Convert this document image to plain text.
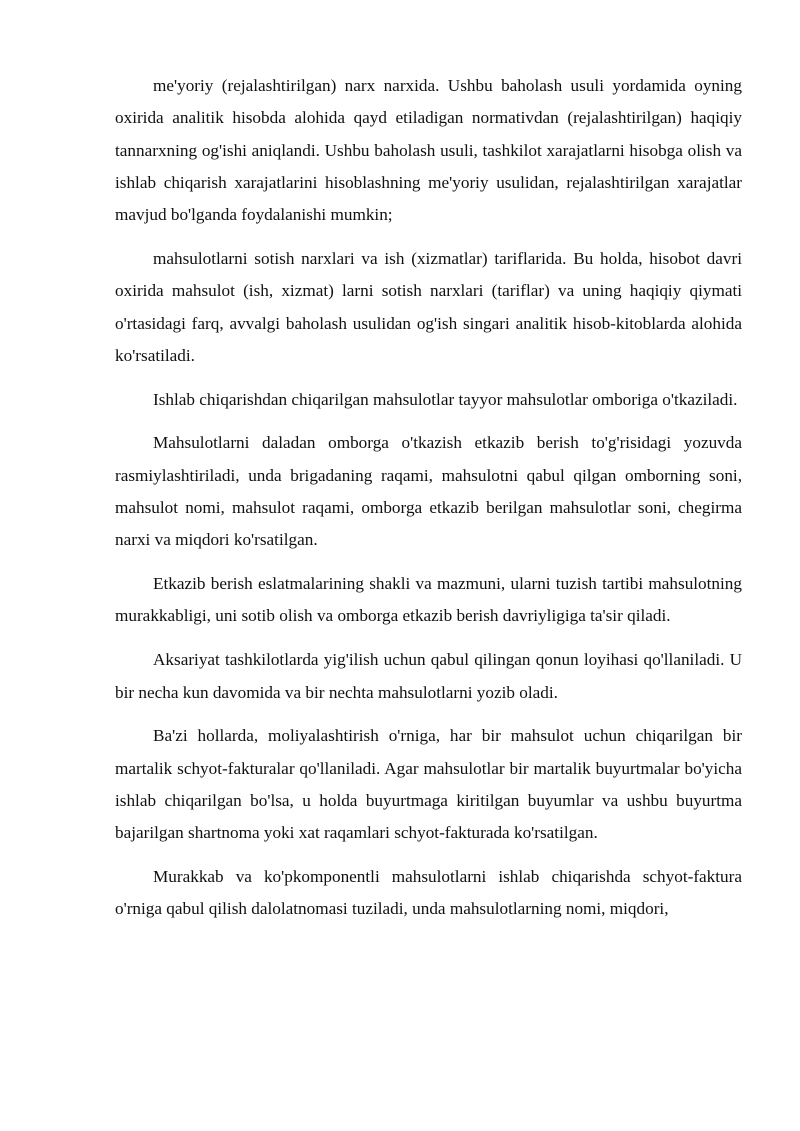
me'yoriy (rejalashtirilgan) narx narxida. Ushbu baholash usuli yordamida oyning oxirida analitik hisobda alohida qayd etiladigan normativdan (rejalashtirilgan) haqiqiy tannarxning og'ishi aniqlandi. Ushbu baholash usuli, tashkilot xarajatlarni hisobga olish va ishlab chiqarish xarajatlarini hisoblashning me'yoriy usulidan, rejalashtirilgan xarajatlar mavjud bo'lganda foydalanishi mumkin;

mahsulotlarni sotish narxlari va ish (xizmatlar) tariflarida. Bu holda, hisobot davri oxirida mahsulot (ish, xizmat) larni sotish narxlari (tariflar) va uning haqiqiy qiymati o'rtasidagi farq, avvalgi baholash usulidan og'ish singari analitik hisob-kitoblarda alohida ko'rsatiladi.

Ishlab chiqarishdan chiqarilgan mahsulotlar tayyor mahsulotlar omboriga o'tkaziladi.

Mahsulotlarni daladan omborga o'tkazish etkazib berish to'g'risidagi yozuvda rasmiylashtiriladi, unda brigadaning raqami, mahsulotni qabul qilgan omborning soni, mahsulot nomi, mahsulot raqami, omborga etkazib berilgan mahsulotlar soni, chegirma narxi va miqdori ko'rsatilgan.

Etkazib berish eslatmalarining shakli va mazmuni, ularni tuzish tartibi mahsulotning murakkabligi, uni sotib olish va omborga etkazib berish davriyligiga ta'sir qiladi.

Aksariyat tashkilotlarda yig'ilish uchun qabul qilingan qonun loyihasi qo'llaniladi. U bir necha kun davomida va bir nechta mahsulotlarni yozib oladi.

Ba'zi hollarda, moliyalashtirish o'rniga, har bir mahsulot uchun chiqarilgan bir martalik schyot-fakturalar qo'llaniladi. Agar mahsulotlar bir martalik buyurtmalar bo'yicha ishlab chiqarilgan bo'lsa, u holda buyurtmaga kiritilgan buyumlar va ushbu buyurtma bajarilgan shartnoma yoki xat raqamlari schyot-fakturada ko'rsatilgan.

Murakkab va ko'pkomponentli mahsulotlarni ishlab chiqarishda schyot-faktura o'rniga qabul qilish dalolatnomasi tuziladi, unda mahsulotlarning nomi, miqdori,
